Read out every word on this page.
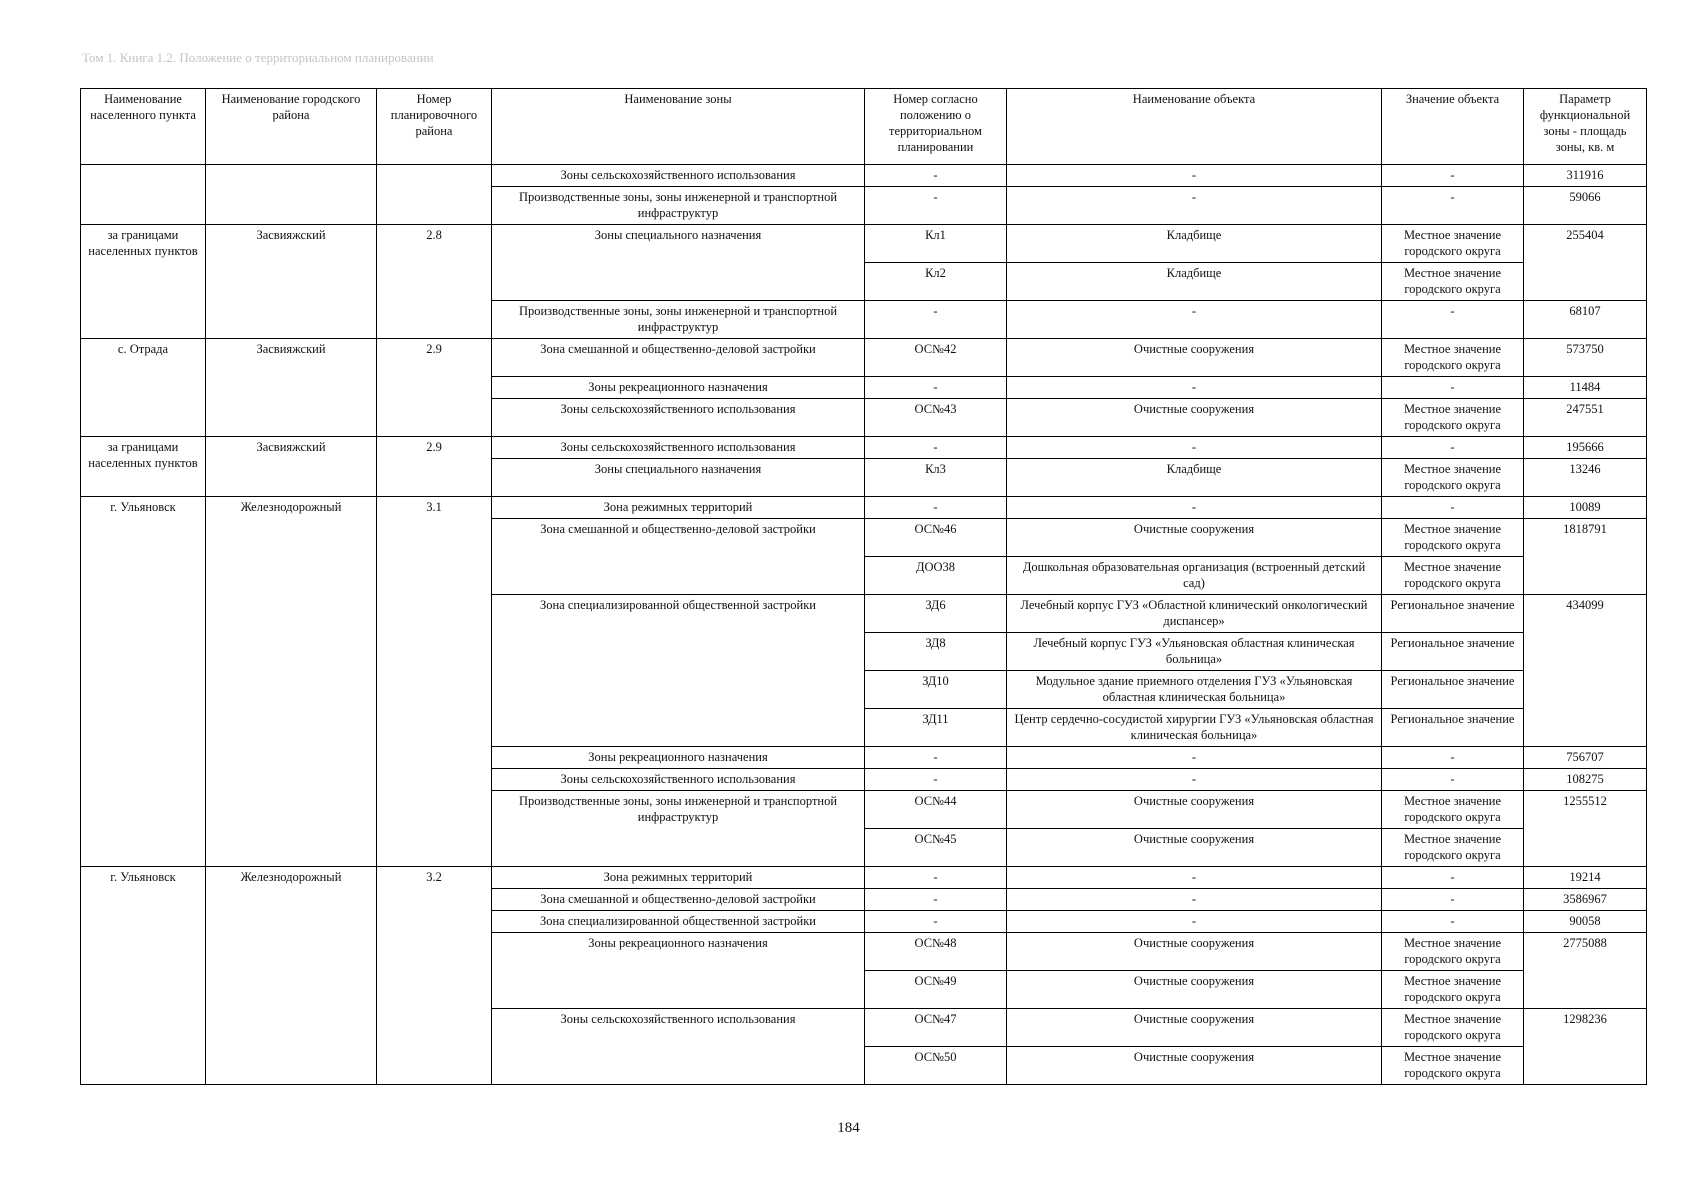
Том 1. Книга 1.2. Положение о территориальном планировании
Наименование населенного пункта	Наименование городского района	Номер планировочного района	Наименование зоны	Номер согласно положению о территориальном планировании	Наименование объекта	Значение объекта	Параметр функциональной зоны - площадь зоны, кв. м
			Зоны сельскохозяйственного использования	-	-	-	311916
			Производственные зоны, зоны инженерной и транспортной инфраструктур	-	-	-	59066
за границами населенных пунктов	Засвияжский	2.8	Зоны специального назначения	Кл1	Кладбище	Местное значение городского округа	255404
				Кл2	Кладбище	Местное значение городского округа	
			Производственные зоны, зоны инженерной и транспортной инфраструктур	-	-	-	68107
с. Отрада	Засвияжский	2.9	Зона смешанной и общественно-деловой застройки	ОС№42	Очистные сооружения	Местное значение городского округа	573750
			Зоны рекреационного назначения	-	-	-	11484
			Зоны сельскохозяйственного использования	ОС№43	Очистные сооружения	Местное значение городского округа	247551
за границами населенных пунктов	Засвияжский	2.9	Зоны сельскохозяйственного использования	-	-	-	195666
			Зоны специального назначения	Кл3	Кладбище	Местное значение городского округа	13246
г. Ульяновск	Железнодорожный	3.1	Зона режимных территорий	-	-	-	10089
			Зона смешанной и общественно-деловой застройки	ОС№46	Очистные сооружения	Местное значение городского округа	1818791
				ДОО38	Дошкольная образовательная организация (встроенный детский сад)	Местное значение городского округа	
			Зона специализированной общественной застройки	ЗД6	Лечебный корпус ГУЗ «Областной клинический онкологический диспансер»	Региональное значение	434099
				ЗД8	Лечебный корпус ГУЗ «Ульяновская областная клиническая больница»	Региональное значение	
				ЗД10	Модульное здание приемного отделения ГУЗ «Ульяновская областная клиническая больница»	Региональное значение	
				ЗД11	Центр сердечно-сосудистой хирургии ГУЗ «Ульяновская областная клиническая больница»	Региональное значение	
			Зоны рекреационного назначения	-	-	-	756707
			Зоны сельскохозяйственного использования	-	-	-	108275
			Производственные зоны, зоны инженерной и транспортной инфраструктур	ОС№44	Очистные сооружения	Местное значение городского округа	1255512
				ОС№45	Очистные сооружения	Местное значение городского округа	
г. Ульяновск	Железнодорожный	3.2	Зона режимных территорий	-	-	-	19214
			Зона смешанной и общественно-деловой застройки	-	-	-	3586967
			Зона специализированной общественной застройки	-	-	-	90058
			Зоны рекреационного назначения	ОС№48	Очистные сооружения	Местное значение городского округа	2775088
				ОС№49	Очистные сооружения	Местное значение городского округа	
			Зоны сельскохозяйственного использования	ОС№47	Очистные сооружения	Местное значение городского округа	1298236
				ОС№50	Очистные сооружения	Местное значение городского округа	
184
